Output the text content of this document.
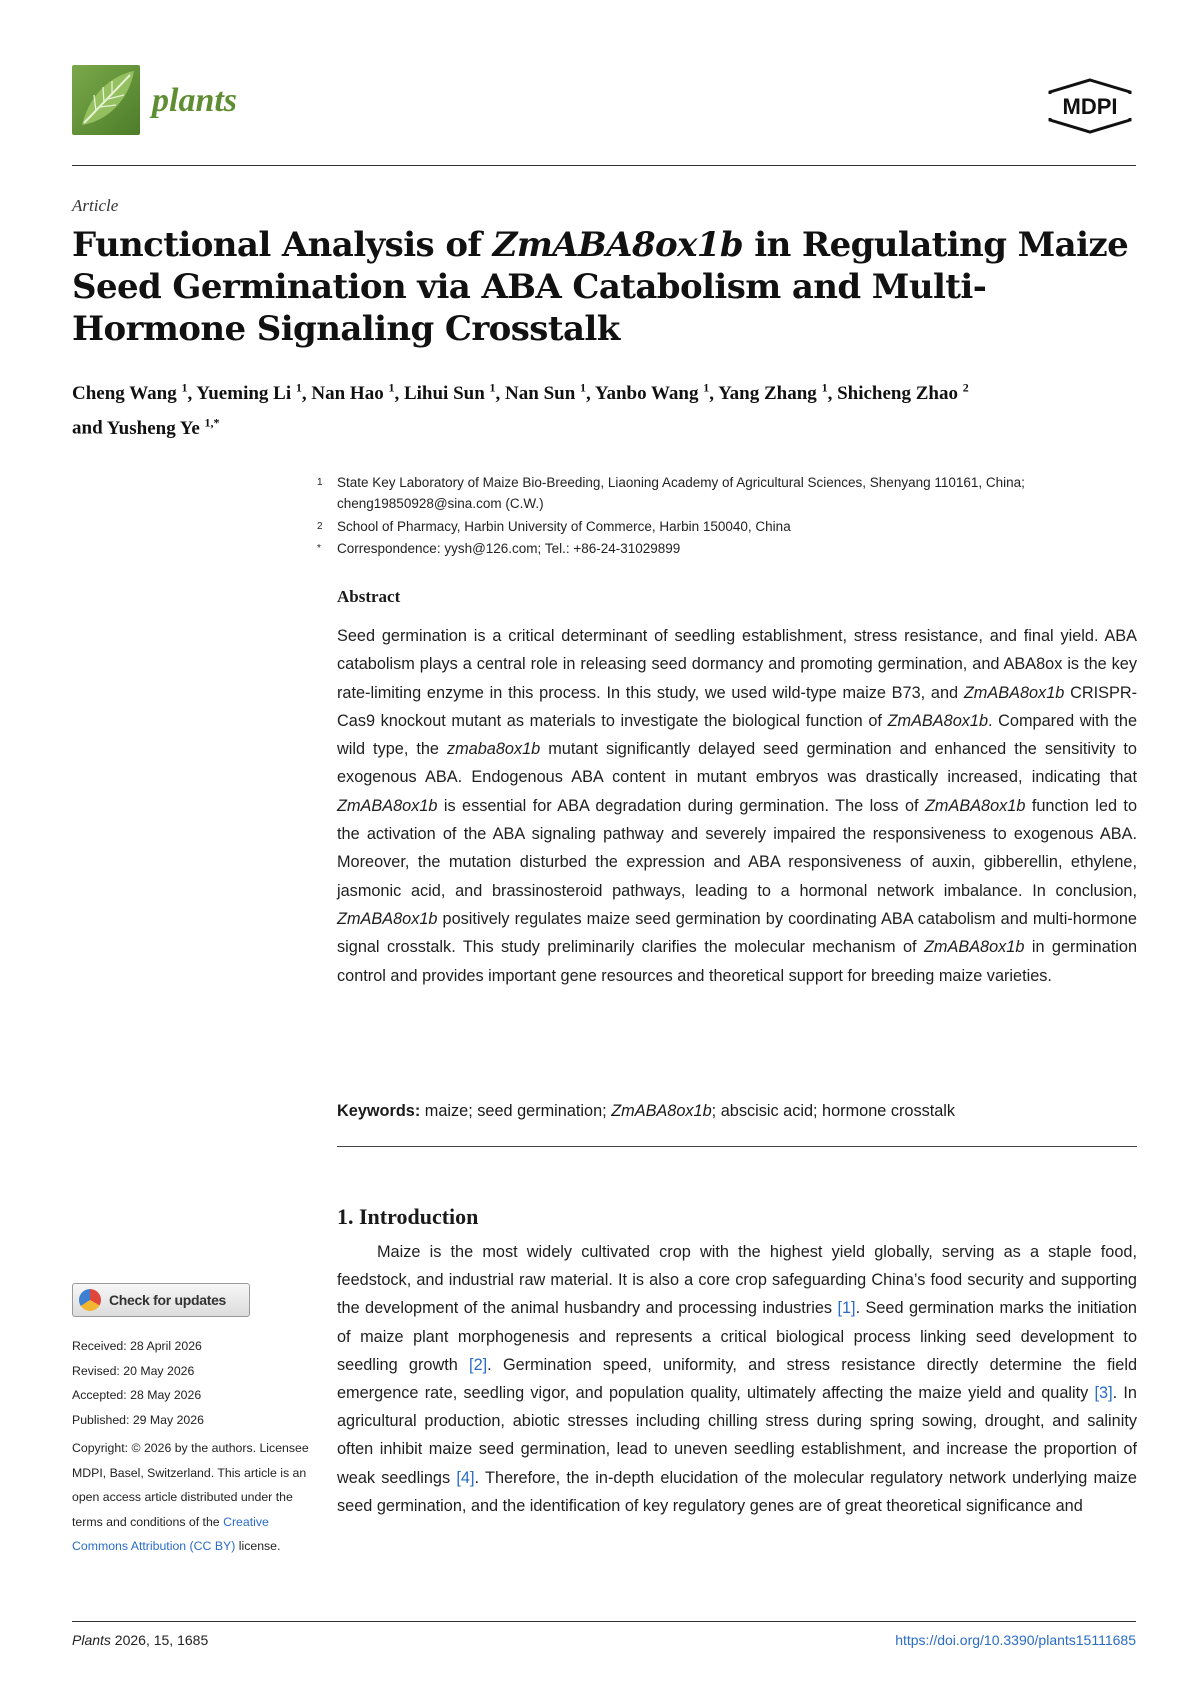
plants	MDPI
Article
Functional Analysis of ZmABA8ox1b in Regulating Maize Seed Germination via ABA Catabolism and Multi-Hormone Signaling Crosstalk
Cheng Wang $^1$, Yueming Li $^1$, Nan Hao $^1$, Lihui Sun $^1$, Nan Sun $^1$, Yanbo Wang $^1$, Yang Zhang $^1$, Shicheng Zhao $^2$
and Yusheng Ye $^{1,*}$
1 State Key Laboratory of Maize Bio-Breeding, Liaoning Academy of Agricultural Sciences, Shenyang 110161, China; cheng19850928@sina.com (C.W.)
2 School of Pharmacy, Harbin University of Commerce, Harbin 150040, China
* Correspondence: yysh@126.com; Tel.: +86-24-31029899
Abstract
Seed germination is a critical determinant of seedling establishment, stress resistance, and final yield. ABA catabolism plays a central role in releasing seed dormancy and promoting germination, and ABA8ox is the key rate-limiting enzyme in this process. In this study, we used wild-type maize B73, and ZmABA8ox1b CRISPR-Cas9 knockout mutant as materials to investigate the biological function of ZmABA8ox1b. Compared with the wild type, the zmaba8ox1b mutant significantly delayed seed germination and enhanced the sensitivity to exogenous ABA. Endogenous ABA content in mutant embryos was drastically increased, indicating that ZmABA8ox1b is essential for ABA degradation during germination. The loss of ZmABA8ox1b function led to the activation of the ABA signaling pathway and severely impaired the responsiveness to exogenous ABA. Moreover, the mutation disturbed the expression and ABA responsiveness of auxin, gibberellin, ethylene, jasmonic acid, and brassinosteroid pathways, leading to a hormonal network imbalance. In conclusion, ZmABA8ox1b positively regulates maize seed germination by coordinating ABA catabolism and multi-hormone signal crosstalk. This study preliminarily clarifies the molecular mechanism of ZmABA8ox1b in germination control and provides important gene resources and theoretical support for breeding maize varieties.
Keywords: maize; seed germination; ZmABA8ox1b; abscisic acid; hormone crosstalk
1. Introduction
Maize is the most widely cultivated crop with the highest yield globally, serving as a staple food, feedstock, and industrial raw material. It is also a core crop safeguarding China’s food security and supporting the development of the animal husbandry and processing industries [1]. Seed germination marks the initiation of maize plant morphogenesis and represents a critical biological process linking seed development to seedling growth [2]. Germination speed, uniformity, and stress resistance directly determine the field emergence rate, seedling vigor, and population quality, ultimately affecting the maize yield and quality [3]. In agricultural production, abiotic stresses including chilling stress during spring sowing, drought, and salinity often inhibit maize seed germination, lead to uneven seedling establishment, and increase the proportion of weak seedlings [4]. Therefore, the in-depth elucidation of the molecular regulatory network underlying maize seed germination, and the identification of key regulatory genes are of great theoretical significance and
Check for updates
Received: 28 April 2026
Revised: 20 May 2026
Accepted: 28 May 2026
Published: 29 May 2026
Copyright: © 2026 by the authors. Licensee MDPI, Basel, Switzerland. This article is an open access article distributed under the terms and conditions of the Creative Commons Attribution (CC BY) license.
Plants 2026, 15, 1685	https://doi.org/10.3390/plants15111685
